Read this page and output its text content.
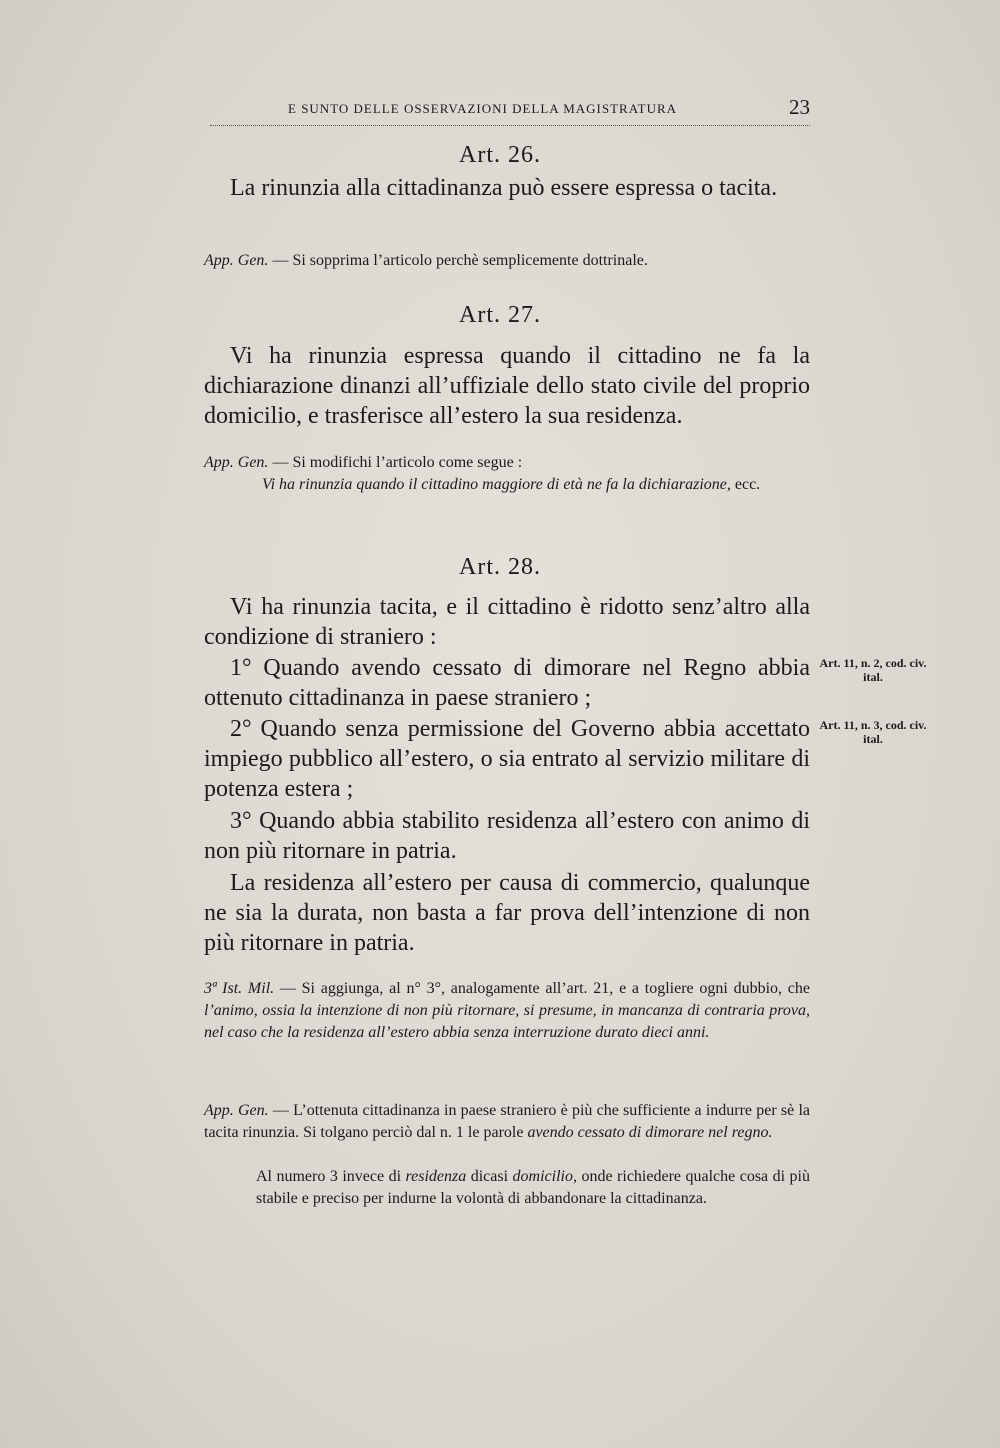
E SUNTO DELLE OSSERVAZIONI DELLA MAGISTRATURA	23
Art. 26.
La rinunzia alla cittadinanza può essere espressa o tacita.
App. Gen. — Si sopprima l’articolo perchè semplicemente dottrinale.
Art. 27.
Vi ha rinunzia espressa quando il cittadino ne fa la dichiarazione dinanzi all’uffiziale dello stato civile del proprio domicilio, e trasferisce all’estero la sua residenza.
App. Gen. — Si modifichi l’articolo come segue :
Vi ha rinunzia quando il cittadino maggiore di età ne fa la dichiarazione, ecc.
Art. 28.
Vi ha rinunzia tacita, e il cittadino è ridotto senz’altro alla condizione di straniero :
1° Quando avendo cessato di dimorare nel Regno abbia ottenuto cittadinanza in paese straniero ;
2° Quando senza permissione del Governo abbia accettato impiego pubblico all’estero, o sia entrato al servizio militare di potenza estera ;
3° Quando abbia stabilito residenza all’estero con animo di non più ritornare in patria.
La residenza all’estero per causa di commercio, qualunque ne sia la durata, non basta a far prova dell’intenzione di non più ritornare in patria.
Art. 11, n. 2, cod. civ. ital.
Art. 11, n. 3, cod. civ. ital.
3ª Ist. Mil. — Si aggiunga, al n° 3°, analogamente all’art. 21, e a togliere ogni dubbio, che l’animo, ossia la intenzione di non più ritornare, si presume, in mancanza di contraria prova, nel caso che la residenza all’estero abbia senza interruzione durato dieci anni.
App. Gen. — L’ottenuta cittadinanza in paese straniero è più che sufficiente a indurre per sè la tacita rinunzia. Si tolgano perciò dal n. 1 le parole avendo cessato di dimorare nel regno.
Al numero 3 invece di residenza dicasi domicilio, onde richiedere qualche cosa di più stabile e preciso per indurne la volontà di abbandonare la cittadinanza.
